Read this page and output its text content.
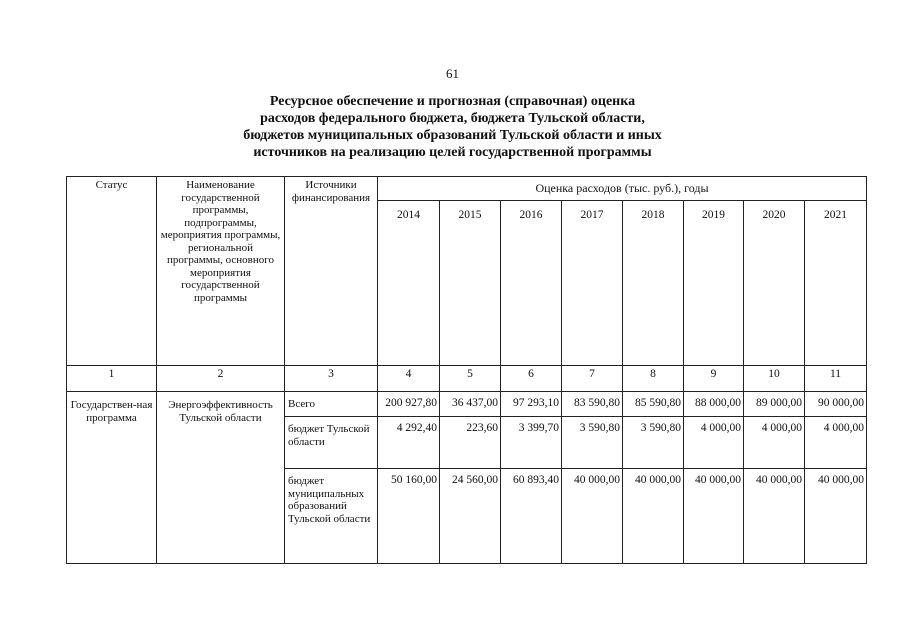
61
Ресурсное обеспечение и прогнозная (справочная) оценка
расходов федерального бюджета, бюджета Тульской области,
бюджетов муниципальных образований Тульской области и иных
источников на реализацию целей государственной программы
Статус	Наименование государственной программы, подпрограммы, мероприятия программы, региональной программы, основного мероприятия государственной программы	Источники финансирования	Оценка расходов (тыс. руб.), годы							
			2014	2015	2016	2017	2018	2019	2020	2021
1	2	3	4	5	6	7	8	9	10	11
Государствен-ная программа	Энергоэффективность Тульской области	Всего	200 927,80	36 437,00	97 293,10	83 590,80	85 590,80	88 000,00	89 000,00	90 000,00
		бюджет Тульской области	4 292,40	223,60	3 399,70	3 590,80	3 590,80	4 000,00	4 000,00	4 000,00
		бюджет муниципальных образований Тульской области	50 160,00	24 560,00	60 893,40	40 000,00	40 000,00	40 000,00	40 000,00	40 000,00
